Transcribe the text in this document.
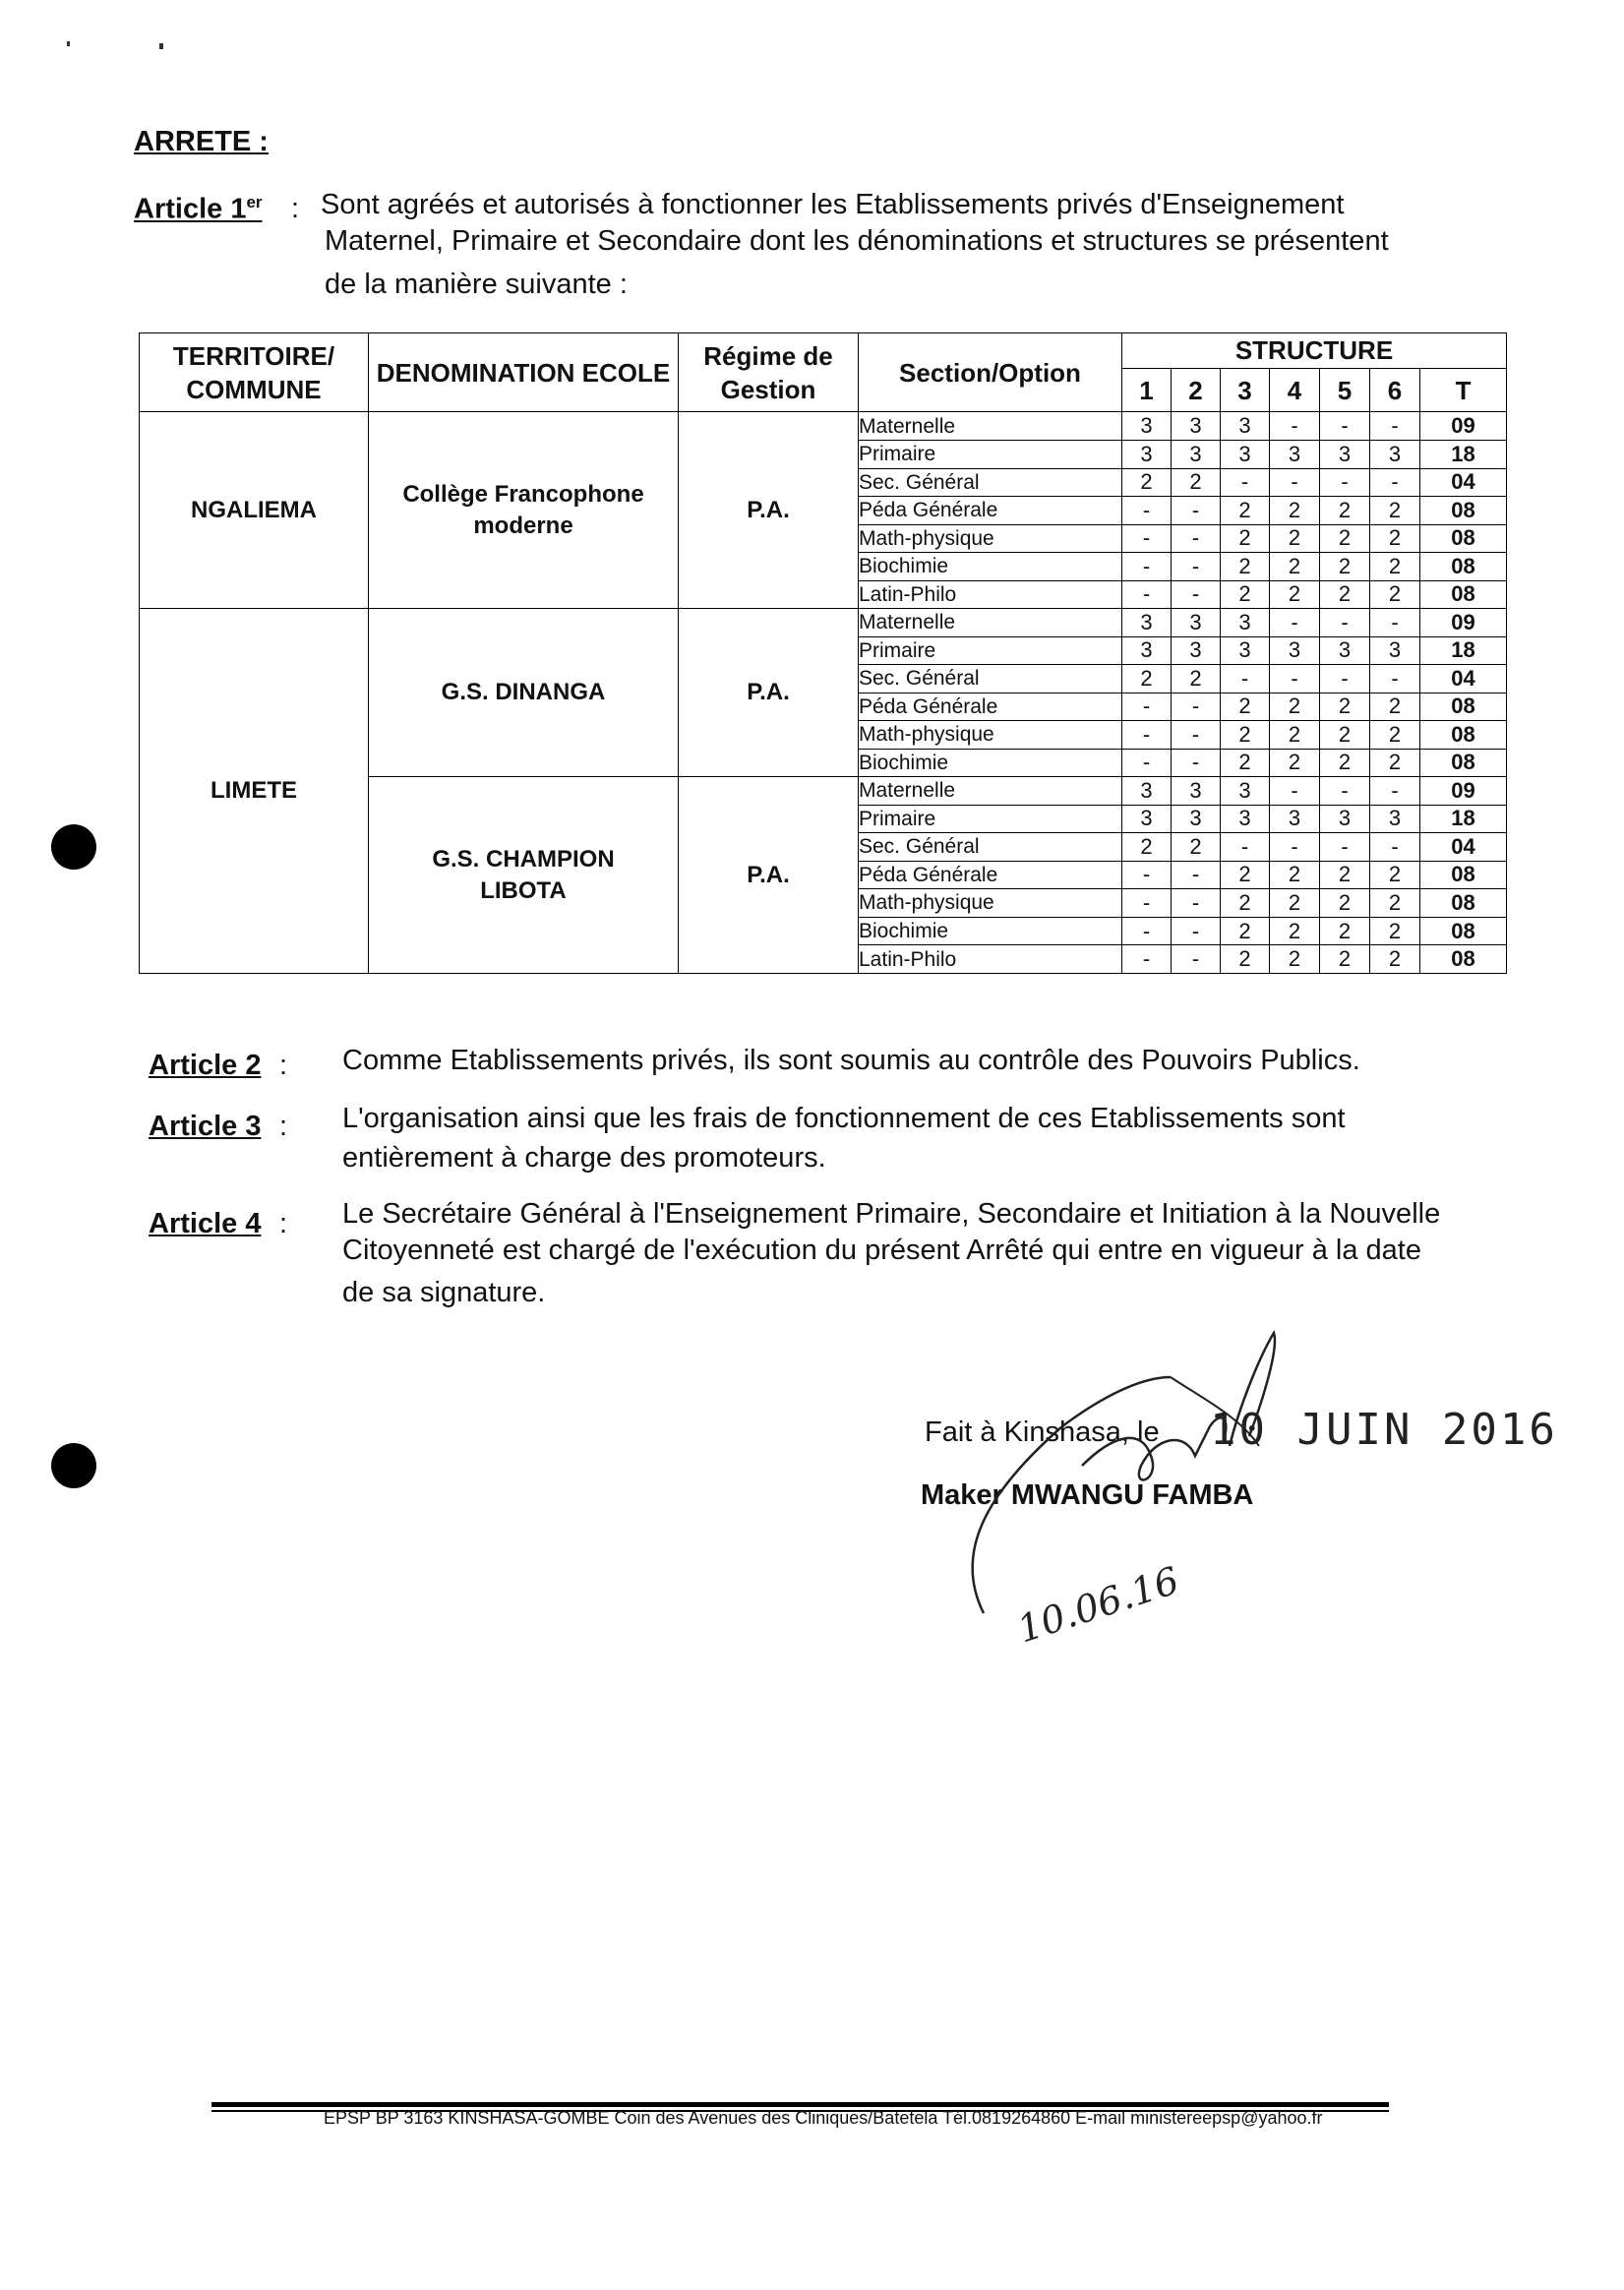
ARRETE :
Article 1er : Sont agréés et autorisés à fonctionner les Etablissements privés d'Enseignement
Maternel, Primaire et Secondaire dont les dénominations et structures se présentent
de la manière suivante :
TERRITOIRE/ COMMUNE	DENOMINATION ECOLE	Régime de Gestion	Section/Option	STRUCTURE						
				1	2	3	4	5	6	T
NGALIEMA	Collège Francophone moderne	P.A.	Maternelle	3	3	3	-	-	-	09
			Primaire	3	3	3	3	3	3	18
			Sec. Général	2	2	-	-	-	-	04
			Péda Générale	-	-	2	2	2	2	08
			Math-physique	-	-	2	2	2	2	08
			Biochimie	-	-	2	2	2	2	08
			Latin-Philo	-	-	2	2	2	2	08
LIMETE	G.S. DINANGA	P.A.	Maternelle	3	3	3	-	-	-	09
			Primaire	3	3	3	3	3	3	18
			Sec. Général	2	2	-	-	-	-	04
			Péda Générale	-	-	2	2	2	2	08
			Math-physique	-	-	2	2	2	2	08
			Biochimie	-	-	2	2	2	2	08

	G.S. CHAMPION LIBOTA	P.A.	Maternelle	3	3	3	-	-	-	09
			Primaire	3	3	3	3	3	3	18
			Sec. Général	2	2	-	-	-	-	04
			Péda Générale	-	-	2	2	2	2	08
			Math-physique	-	-	2	2	2	2	08
			Biochimie	-	-	2	2	2	2	08
			Latin-Philo	-	-	2	2	2	2	08
Article 2 : Comme Etablissements privés, ils sont soumis au contrôle des Pouvoirs Publics.
Article 3 : L'organisation ainsi que les frais de fonctionnement de ces Etablissements sont
entièrement à charge des promoteurs.
Article 4 : Le Secrétaire Général à l'Enseignement Primaire, Secondaire et Initiation à la Nouvelle
Citoyenneté est chargé de l'exécution du présent Arrêté qui entre en vigueur à la date
de sa signature.
Fait à Kinshasa, le 10 JUIN 2016
Maker MWANGU FAMBA
10.06.16
EPSP BP 3163 KINSHASA-GOMBE Coin des Avenues des Cliniques/Batetela Tél.0819264860 E-mail ministereepsp@yahoo.fr
